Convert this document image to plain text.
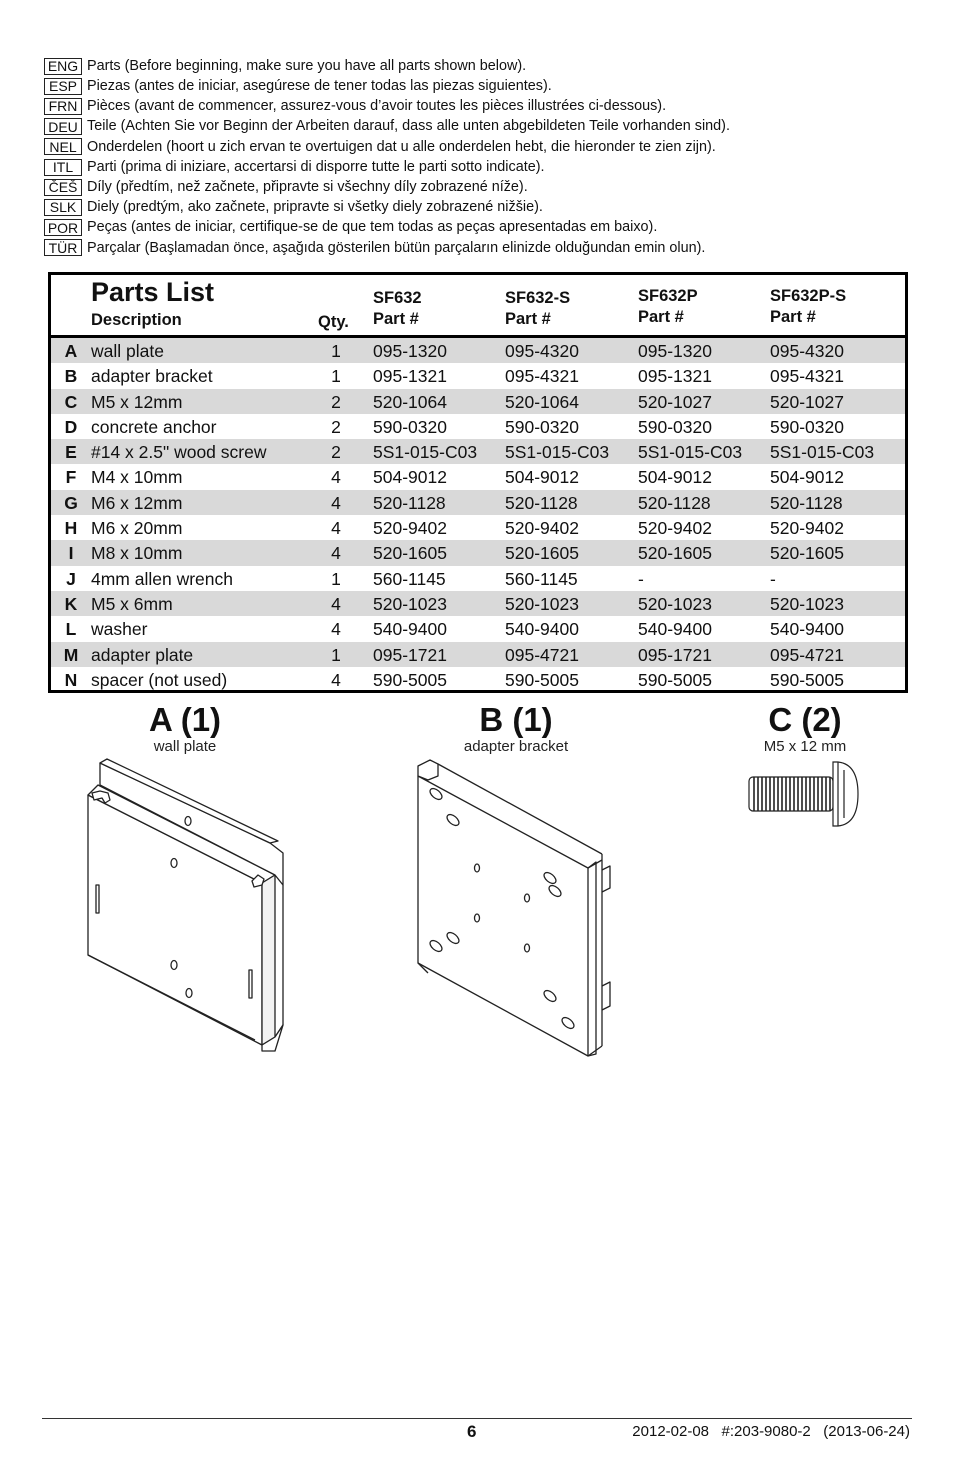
ENG Parts (Before beginning, make sure you have all parts shown below).
ESP Piezas (antes de iniciar, asegúrese de tener todas las piezas siguientes).
FRN Pièces (avant de commencer, assurez-vous d’avoir toutes les pièces illustrées ci-dessous).
DEU Teile (Achten Sie vor Beginn der Arbeiten darauf, dass alle unten abgebildeten Teile vorhanden sind).
NEL Onderdelen (hoort u zich ervan te overtuigen dat u alle onderdelen hebt, die hieronder te zien zijn).
ITL Parti (prima di iniziare, accertarsi di disporre tutte le parti sotto indicate).
ČEŠ Díly (předtím, než začnete, připravte si všechny díly zobrazené níže).
SLK Diely (predtým, ako začnete, pripravte si všetky diely zobrazené nižšie).
POR Peças (antes de iniciar, certifique-se de que tem todas as peças apresentadas em baixo).
TÜR Parçalar (Başlamadan önce, aşağıda gösterilen bütün parçaların elinizde olduğundan emin olun).
Parts List
Description	Qty.
SF632
Part #
SF632-S
Part #
SF632P
Part #
SF632P-S
Part #
A wall plate	1	095-1320	095-4320	095-1320	095-4320
B adapter bracket	1	095-1321	095-4321	095-1321	095-4321
C M5 x 12mm	2	520-1064	520-1064	520-1027	520-1027
D concrete anchor	2	590-0320	590-0320	590-0320	590-0320
E #14 x 2.5" wood screw	2	5S1-015-C03 5S1-015-C03 5S1-015-C03 5S1-015-C03
F M4 x 10mm	4	504-9012	504-9012	504-9012	504-9012
G M6 x 12mm	4	520-1128	520-1128	520-1128	520-1128
H M6 x 20mm	4	520-9402	520-9402	520-9402	520-9402
I	M8 x 10mm	4	520-1605	520-1605	520-1605	520-1605
J 4mm allen wrench	1	560-1145	560-1145	-	-
K M5 x 6mm	4	520-1023	520-1023	520-1023	520-1023
L washer	4	540-9400	540-9400	540-9400	540-9400
M adapter plate	1	095-1721	095-4721	095-1721	095-4721
N spacer (not used)	4	590-5005	590-5005	590-5005	590-5005
A (1)
wall plate
B (1)
adapter bracket
C (2)
M5 x 12 mm
6	2012-02-08   #:203-9080-2   (2013-06-24)
